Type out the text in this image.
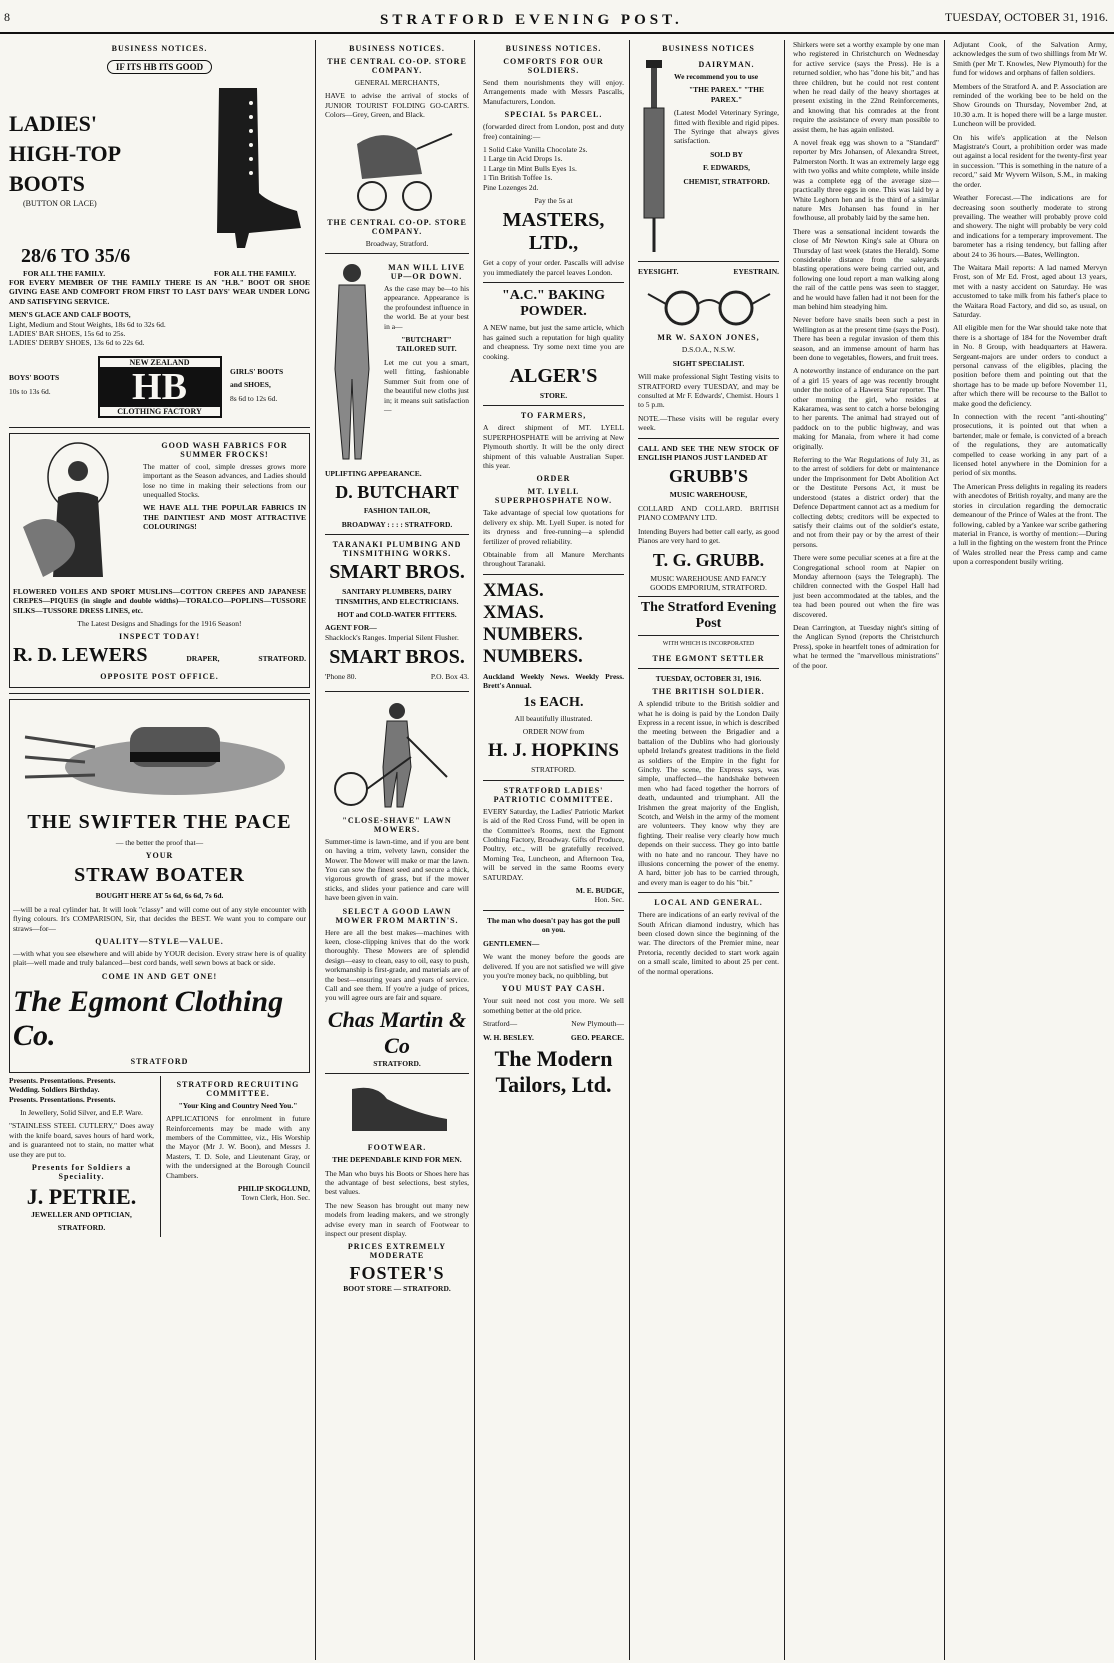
8	STRATFORD EVENING POST.	TUESDAY, OCTOBER 31, 1916.
BUSINESS NOTICES.
IF ITS HB ITS GOOD

LADIES'

HIGH-TOP

BOOTS

(BUTTON OR LACE)
28/6 TO 35/6
FOR ALL THE FAMILY.	FOR ALL THE FAMILY.

FOR EVERY MEMBER OF THE FAMILY THERE IS AN "H.B." BOOT OR SHOE GIVING EASE AND COMFORT FROM FIRST TO LAST DAYS' WEAR UNDER LONG AND SATISFYING SERVICE.

MEN'S GLACE AND CALF BOOTS,
Light, Medium and Stout Weights, 18s 6d to 32s 6d.
LADIES' BAR SHOES, 15s 6d to 25s.
LADIES' DERBY SHOES, 13s 6d to 22s 6d.
BOYS' BOOTS
10s to 13s 6d.
NEW ZEALAND
HB
CLOTHING FACTORY
GIRLS' BOOTS
and SHOES,
8s 6d to 12s 6d.
GOOD WASH FABRICS FOR SUMMER FROCKS!

The matter of cool, simple dresses grows more important as the Season advances, and Ladies should lose no time in making their selections from our unequalled Stocks.

WE HAVE ALL THE POPULAR FABRICS IN THE DAINTIEST AND MOST ATTRACTIVE COLOURINGS!

FLOWERED VOILES AND SPORT MUSLINS—COTTON CREPES AND JAPANESE CREPES—PIQUES (in single and double widths)—TORALCO—POPLINS—TUSSORE SILKS—TUSSORE DRESS LINES, etc.

The Latest Designs and Shadings for the 1916 Season!

INSPECT TODAY!
R. D. LEWERS	DRAPER,	STRATFORD.
OPPOSITE POST OFFICE.
THE SWIFTER THE PACE
— the better the proof that—
YOUR
STRAW BOATER
BOUGHT HERE AT 5s 6d, 6s 6d, 7s 6d.

—will be a real cylinder hat. It will look "classy" and will come out of any style encounter with flying colours. It's COMPARISON, Sir, that decides the BEST. We want you to compare our straws—for—

QUALITY—STYLE—VALUE.

—with what you see elsewhere and will abide by YOUR decision. Every straw here is of quality plait—well made and truly balanced—best cord bands, well sewn bows at back or side.

COME IN AND GET ONE!
The Egmont Clothing Co.
STRATFORD
Presents. Presentations. Presents.
Wedding. Soldiers Birthday.
Presents. Presentations. Presents.

In Jewellery, Solid Silver, and E.P. Ware.

"STAINLESS STEEL CUTLERY," Does away with the knife board, saves hours of hard work, and is guaranteed not to stain, no matter what use they are put to.

Presents for Soldiers a Speciality.
J. PETRIE.
JEWELLER AND OPTICIAN,
STRATFORD.
STRATFORD RECRUITING COMMITTEE.
"Your King and Country Need You."

APPLICATIONS for enrolment in future Reinforcements may be made with any members of the Committee, viz., His Worship the Mayor (Mr J. W. Boon), and Messrs J. Masters, T. D. Sole, and Lieutenant Gray, or with the undersigned at the Borough Council Chambers.

PHILIP SKOGLUND,
Town Clerk, Hon. Sec.
BUSINESS NOTICES.
THE CENTRAL CO-OP. STORE COMPANY.
GENERAL MERCHANTS,

HAVE to advise the arrival of stocks of JUNIOR TOURIST FOLDING GO-CARTS. Colors—Grey, Green, and Black.

THE CENTRAL CO-OP. STORE COMPANY.
Broadway, Stratford.
MAN WILL LIVE UP—OR DOWN.

As the case may be—to his appearance. Appearance is the profoundest influence in the world. Be at your best in a—

"BUTCHART" TAILORED SUIT.

Let me cut you a smart, well fitting, fashionable Summer Suit from one of the beautiful new cloths just in; it means suit satisfaction—

UPLIFTING APPEARANCE.
D. BUTCHART
FASHION TAILOR,
BROADWAY : : : : STRATFORD.
TARANAKI PLUMBING AND TINSMITHING WORKS.
SMART BROS.
SANITARY PLUMBERS, DAIRY TINSMITHS, AND ELECTRICIANS.
HOT and COLD-WATER FITTERS.
AGENT FOR—
Shacklock's Ranges. Imperial Silent Flusher.
SMART BROS.
'Phone 80.	P.O. Box 43.
"CLOSE-SHAVE" LAWN MOWERS.

Summer-time is lawn-time, and if you are bent on having a trim, velvety lawn, consider the Mower. The Mower will make or mar the lawn. You can sow the finest seed and secure a thick, vigorous growth of grass, but if the mower sticks, and slides your patience and care will have been given in vain.

SELECT A GOOD LAWN MOWER FROM MARTIN'S.

Here are all the best makes—machines with keen, close-clipping knives that do the work thoroughly. These Mowers are of splendid design—easy to clean, easy to oil, easy to push, workmanship is first-grade, and materials are of the best—ensuring years and years of service. Call and see them. If you're a judge of prices, you will agree ours are fair and square.

Chas Martin & Co
STRATFORD.
FOOTWEAR.
THE DEPENDABLE KIND FOR MEN.

The Man who buys his Boots or Shoes here has the advantage of best selections, best styles, best values.

The new Season has brought out many new models from leading makers, and we strongly advise every man in search of Footwear to inspect our present display.

PRICES EXTREMELY MODERATE
FOSTER'S
BOOT STORE — STRATFORD.
BUSINESS NOTICES.
COMFORTS FOR OUR SOLDIERS.

Send them nourishments they will enjoy. Arrangements made with Messrs Pascalls, Manufacturers, London.

SPECIAL 5s PARCEL.

(forwarded direct from London, post and duty free) containing:—

1 Solid Cake Vanilla Chocolate 2s.
1 Large tin Acid Drops 1s.
1 Large tin Mint Bulls Eyes 1s.
1 Tin British Toffee 1s.
Pine Lozenges 2d.
Pay the 5s at
MASTERS, LTD.,

Get a copy of your order. Pascalls will advise you immediately the parcel leaves London.

"A.C." BAKING POWDER.

A NEW name, but just the same article, which has gained such a reputation for high quality and cheapness. Try some next time you are cooking.

ALGER'S
STORE.
TO FARMERS,

A direct shipment of MT. LYELL SUPERPHOSPHATE will be arriving at New Plymouth shortly. It will be the only direct shipment of this valuable Australian Super. this year.

ORDER
MT. LYELL SUPERPHOSPHATE NOW.

Take advantage of special low quotations for delivery ex ship. Mt. Lyell Super. is noted for its dryness and free-running—a splendid fertilizer of proved reliability.

Obtainable from all Manure Merchants throughout Taranaki.

XMAS.
XMAS.
NUMBERS.
NUMBERS.

Auckland Weekly News. Weekly Press. Brett's Annual.

1s EACH.
All beautifully illustrated.
ORDER NOW from
H. J. HOPKINS
STRATFORD.
STRATFORD LADIES' PATRIOTIC COMMITTEE.

EVERY Saturday, the Ladies' Patriotic Market is aid of the Red Cross Fund, will be open in the Committee's Rooms, next the Egmont Clothing Factory, Broadway. Gifts of Produce, Poultry, etc., will be gratefully received. Morning Tea, Luncheon, and Afternoon Tea, will be served in the same Rooms every SATURDAY.

M. E. BUDGE,
Hon. Sec.
The man who doesn't pay has got the pull on you.
GENTLEMEN—

We want the money before the goods are delivered. If you are not satisfied we will give you you're money back, no quibbling, but

YOU MUST PAY CASH.

Your suit need not cost you more. We sell something better at the old price.

Stratford—	New Plymouth—
W. H. BESLEY.	GEO. PEARCE.
The Modern Tailors, Ltd.
BUSINESS NOTICES
DAIRYMAN.
We recommend you to use
"THE PAREX." "THE PAREX."

(Latest Model Veterinary Syringe, fitted with flexible and rigid pipes. The Syringe that always gives satisfaction.

SOLD BY
F. EDWARDS,
CHEMIST, STRATFORD.
EYESIGHT.	EYESTRAIN.
MR W. SAXON JONES,
D.S.O.A., N.S.W.
SIGHT SPECIALIST.

Will make professional Sight Testing visits to STRATFORD every TUESDAY, and may be consulted at Mr F. Edwards', Chemist. Hours 1 to 5 p.m.

NOTE.—These visits will be regular every week.

CALL AND SEE THE NEW STOCK OF ENGLISH PIANOS JUST LANDED AT

GRUBB'S
MUSIC WAREHOUSE,

COLLARD AND COLLARD. BRITISH PIANO COMPANY LTD.

Intending Buyers had better call early, as good Pianos are very hard to get.

T. G. GRUBB.
MUSIC WAREHOUSE AND FANCY GOODS EMPORIUM, STRATFORD.
The Stratford Evening Post
WITH WHICH IS INCORPORATED
THE EGMONT SETTLER
TUESDAY, OCTOBER 31, 1916.
THE BRITISH SOLDIER.

A splendid tribute to the British soldier and what he is doing is paid by the London Daily Express in a recent issue, in which is described the meeting between the Brigadier and a battalion of the Dublins who had gloriously upheld Ireland's greatest traditions in the field as soldiers of the Empire in the fight for Ginchy. The scene, the Express says, was simple, unaffected—the handshake between men who had faced together the horrors of death, undaunted and triumphant. All the Irishmen the great majority of the English, Scotch, and Welsh in the army of the moment are volunteers. They know why they are fighting. Their realise very clearly how much depends on their success. They go into battle with no hate and no rancour. They have no illusions concerning the power of the enemy. A hard, bitter job has to be carried through, and every man is eager to do his "bit."

LOCAL AND GENERAL.

There are indications of an early revival of the South African diamond industry, which has been closed down since the beginning of the war. The directors of the Premier mine, near Pretoria, recently decided to start work again on a small scale, limited to about 25 per cent. of the normal operations.

Shirkers were set a worthy example by one man who registered in Christchurch on Wednesday for active service (says the Press). He is a returned soldier, who has "done his bit," and has three children, but he could not rest content when he read daily of the heavy shortages at present existing in the 22nd Reinforcements, and knowing that his comrades at the front require the assistance of every man possible to assist them, he has again enlisted.

A novel freak egg was shown to a "Standard" reporter by Mrs Johansen, of Alexandra Street, Palmerston North. It was an extremely large egg with two yolks and white complete, while inside was a complete egg of the average size—practically three eggs in one. This was laid by a White Leghorn hen and is the third of a similar nature Mrs Johansen has found in her fowlhouse, all probably laid by the same hen.

There was a sensational incident towards the close of Mr Newton King's sale at Ohura on Thursday of last week (states the Herald). Some considerable distance from the saleyards blasting operations were being carried out, and following one loud report a man walking along the rail of the cattle pens was seen to stagger, and he would have fallen had it not been for the man behind him steadying him.

Never before have snails been such a pest in Wellington as at the present time (says the Post). There has been a regular invasion of them this season, and an immense amount of harm has been done to vegetables, flowers, and fruit trees.

A noteworthy instance of endurance on the part of a girl 15 years of age was recently brought under the notice of a Hawera Star reporter. The other morning the girl, who resides at Kakaramea, was sent to catch a horse belonging to her parents. The animal had strayed out of paddock on to the public highway, and was making for Manaia, from where it had come originally.

Referring to the War Regulations of July 31, as to the arrest of soldiers for debt or maintenance under the Imprisonment for Debt Abolition Act or the Destitute Persons Act, it must be understood (states a district order) that the Defence Department cannot act as a medium for collecting debts; creditors will be expected to satisfy their claims out of the soldier's estate, and not from their pay or by the arrest of their persons.

There were some peculiar scenes at a fire at the Congregational school room at Napier on Monday afternoon (says the Telegraph). The children connected with the Gospel Hall had just been accommodated at the tables, and the tea had been poured out when the fire was discovered.

Dean Carrington, at Tuesday night's sitting of the Anglican Synod (reports the Christchurch Press), spoke in heartfelt tones of admiration for what he termed the "marvellous ministrations" of the poor.

Adjutant Cook, of the Salvation Army, acknowledges the sum of two shillings from Mr W. Smith (per Mr T. Knowles, New Plymouth) for the fund for widows and orphans of fallen soldiers.

Members of the Stratford A. and P. Association are reminded of the working bee to be held on the Show Grounds on Thursday, November 2nd, at 10.30 a.m. It is hoped there will be a large muster. Luncheon will be provided.

On his wife's application at the Nelson Magistrate's Court, a prohibition order was made out against a local resident for the twenty-first year in succession. "This is something in the nature of a record," said Mr Wyvern Wilson, S.M., in making the order.

Weather Forecast.—The indications are for decreasing soon southerly moderate to strong prevailing. The weather will probably prove cold and showery. The night will probably be very cold and indications for a temperary improvement. The barometer has a rising tendency, but falling after about 24 to 36 hours.—Bates, Wellington.

The Waitara Mail reports: A lad named Mervyn Frost, son of Mr Ed. Frost, aged about 13 years, met with a nasty accident on Saturday. He was accustomed to take milk from his father's place to the Waitara Road Factory, and did so, as usual, on Saturday.

All eligible men for the War should take note that there is a shortage of 184 for the November draft in No. 8 Group, with headquarters at Hawera. Sergeant-majors are under orders to conduct a personal canvass of the eligibles, placing the position before them and pointing out that the shortage has to be made up before November 11, after which there will be recourse to the Ballot to make good the deficiency.

In connection with the recent "anti-shouting" prosecutions, it is pointed out that when a bartender, male or female, is convicted of a breach of the regulations, they are automatically compelled to cease working in any part of a licensed hotel anywhere in the Dominion for a period of six months.

The American Press delights in regaling its readers with anecdotes of British royalty, and many are the stories in circulation regarding the democratic demeanour of the Prince of Wales at the front. The following, cabled by a Yankee war scribe gathering material in France, is worthy of mention:—During a lull in the fighting on the western front the Prince of Wales strolled near the Press camp and came upon a correspondent busily writing.
